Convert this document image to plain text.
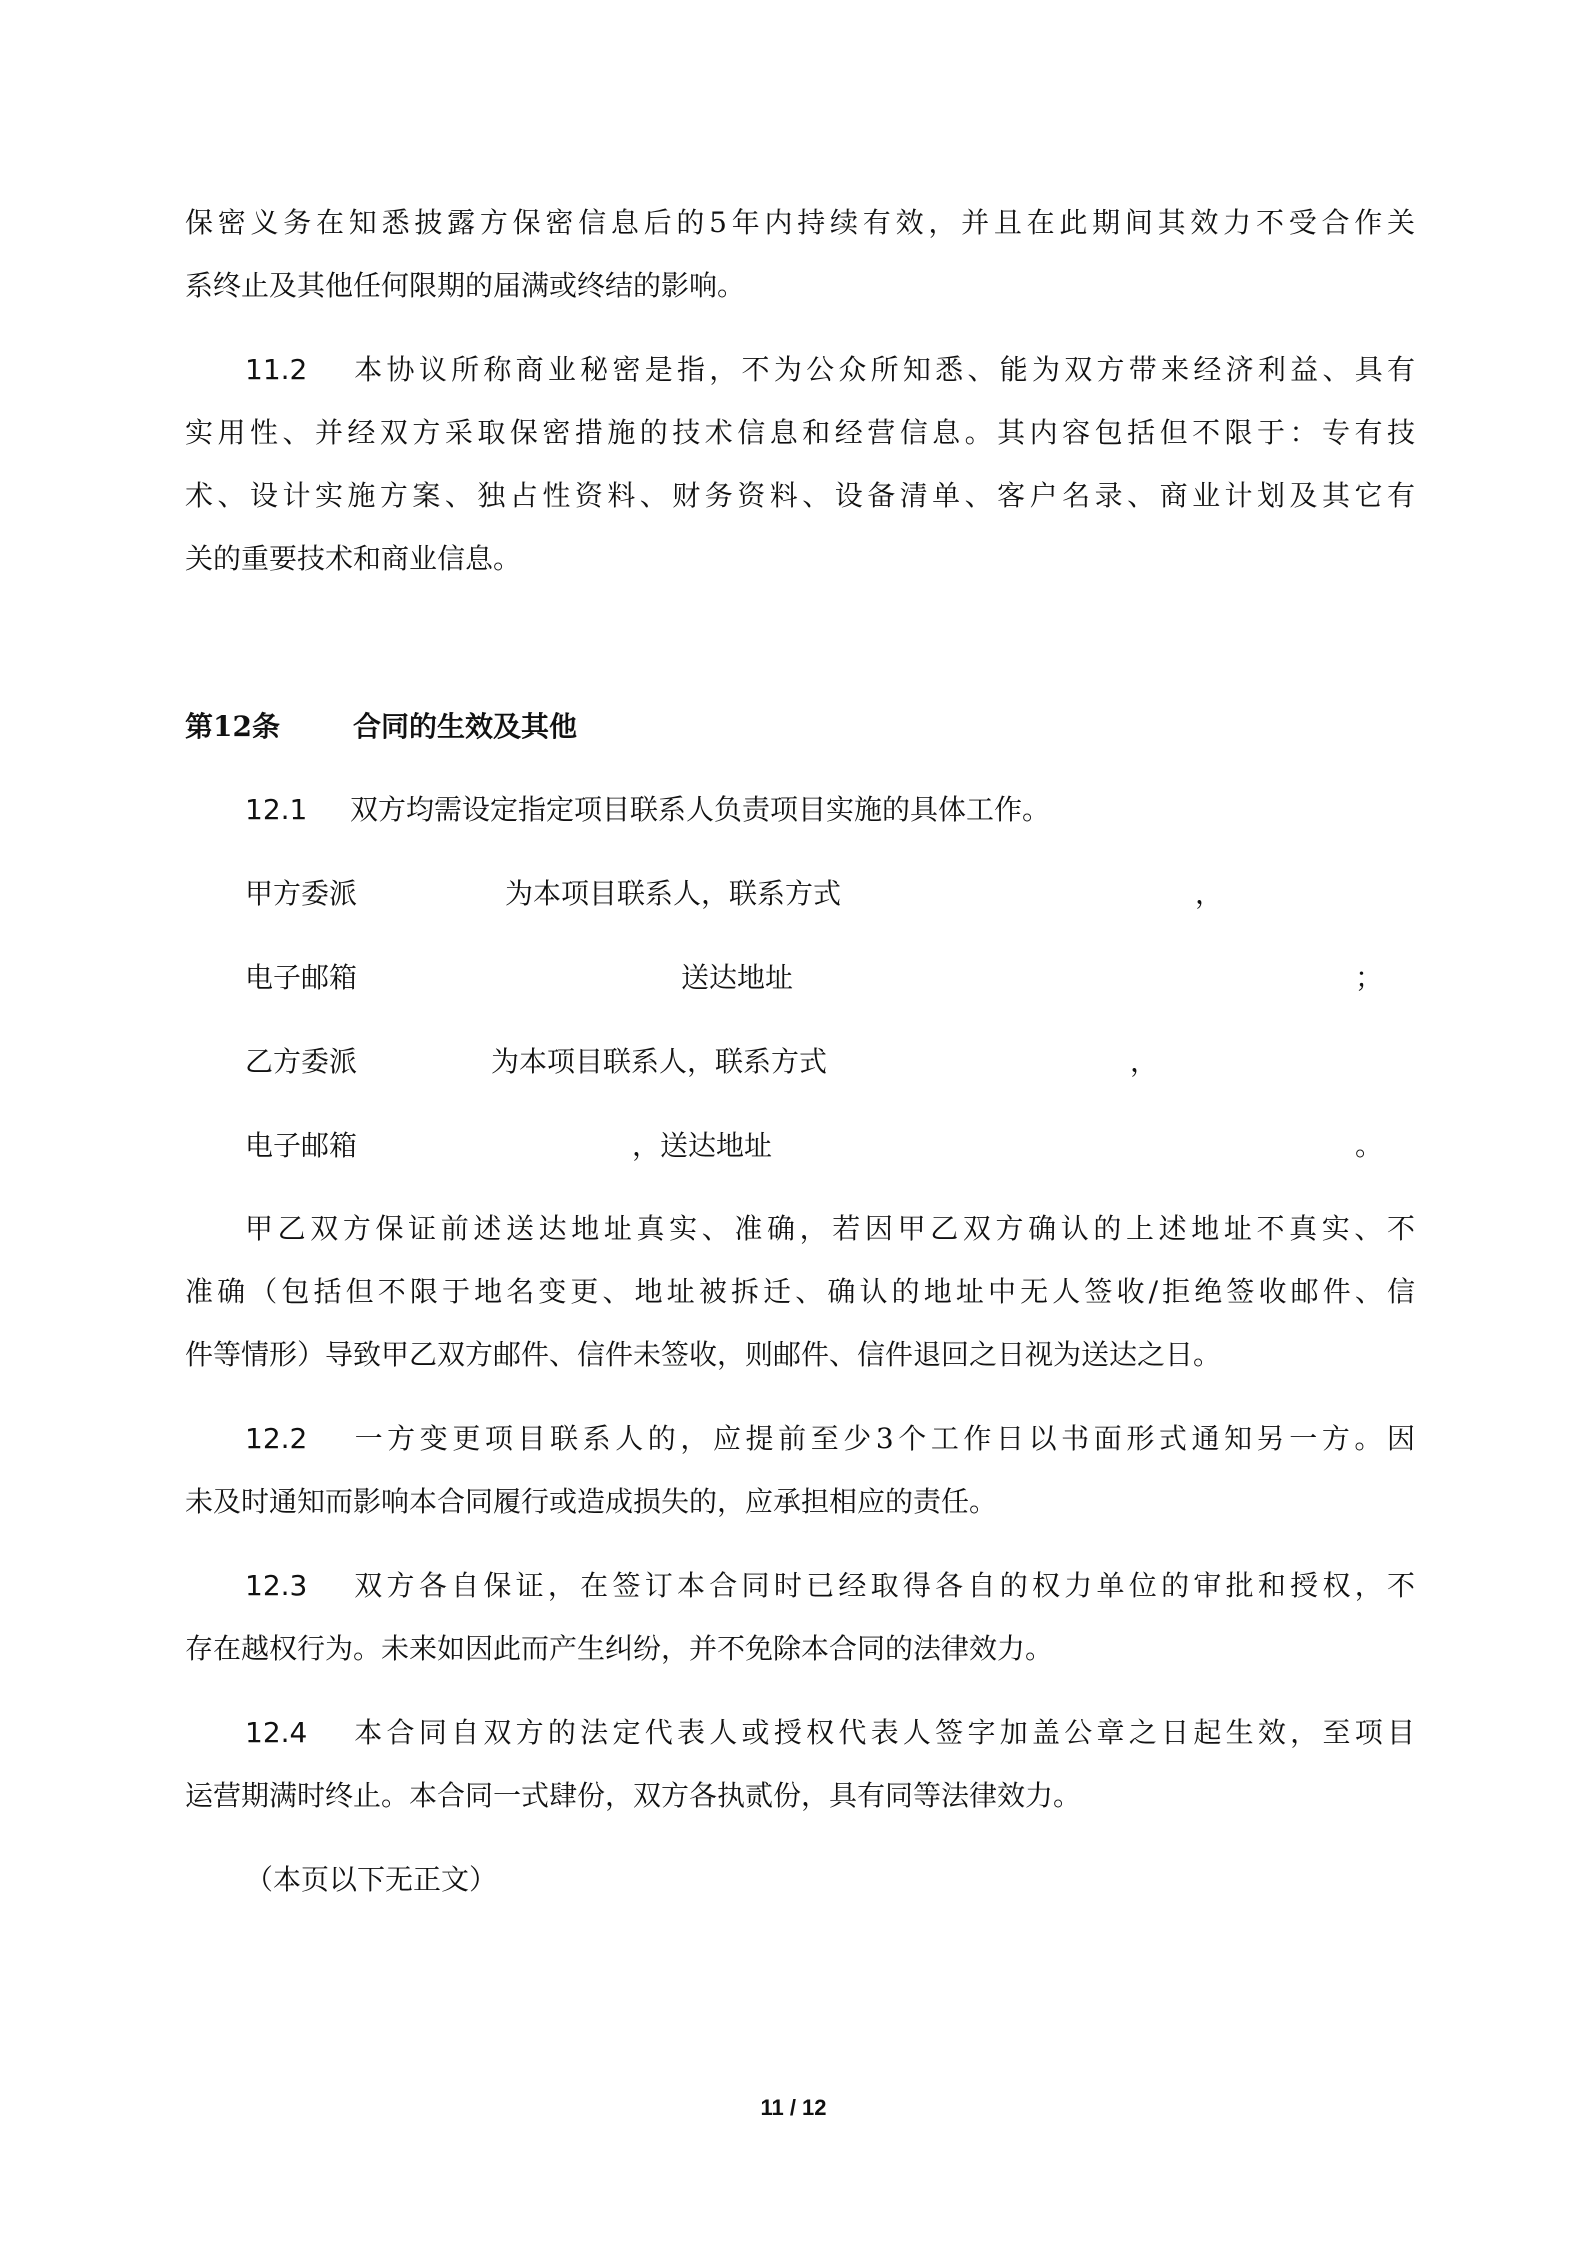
保密义务在知悉披露方保密信息后的5年内持续有效，并且在此期间其效力不受合作关
系终止及其他任何限期的届满或终结的影响。
11.2 本协议所称商业秘密是指，不为公众所知悉、能为双方带来经济利益、具有
实用性、并经双方采取保密措施的技术信息和经营信息。其内容包括但不限于：专有技
术、设计实施方案、独占性资料、财务资料、设备清单、客户名录、商业计划及其它有
关的重要技术和商业信息。
第12条	合同的生效及其他
12.1 双方均需设定指定项目联系人负责项目实施的具体工作。
甲方委派	为本项目联系人，联系方式	，
电子邮箱	送达地址	；
乙方委派	为本项目联系人，联系方式	，
电子邮箱	，送达地址	。
甲乙双方保证前述送达地址真实、准确，若因甲乙双方确认的上述地址不真实、不
准确（包括但不限于地名变更、地址被拆迁、确认的地址中无人签收/拒绝签收邮件、信
件等情形）导致甲乙双方邮件、信件未签收，则邮件、信件退回之日视为送达之日。
12.2 一方变更项目联系人的，应提前至少3个工作日以书面形式通知另一方。因
未及时通知而影响本合同履行或造成损失的，应承担相应的责任。
12.3 双方各自保证，在签订本合同时已经取得各自的权力单位的审批和授权，不
存在越权行为。未来如因此而产生纠纷，并不免除本合同的法律效力。
12.4 本合同自双方的法定代表人或授权代表人签字加盖公章之日起生效，至项目
运营期满时终止。本合同一式肆份，双方各执贰份，具有同等法律效力。
（本页以下无正文）
11 / 12
